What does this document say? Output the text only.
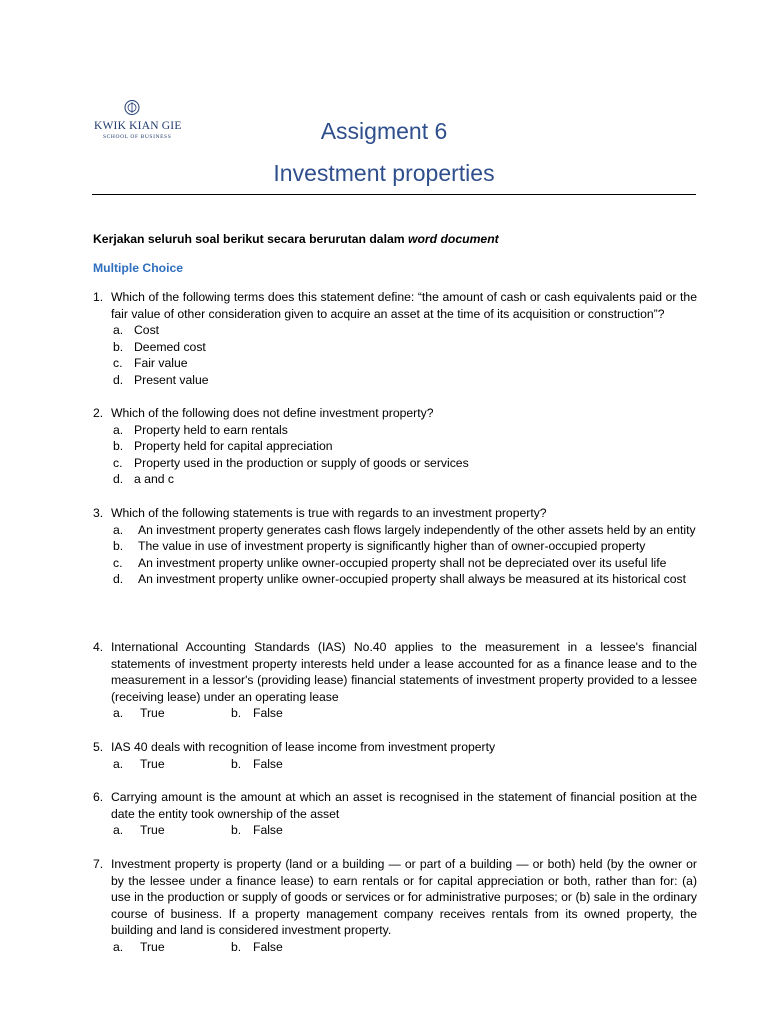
KWIK KIAN GIE
SCHOOL OF BUSINESS	Assigment 6
Investment properties
Kerjakan seluruh soal berikut secara berurutan dalam word document
Multiple Choice
1. Which of the following terms does this statement define: “the amount of cash or cash equivalents paid or the fair value of other consideration given to acquire an asset at the time of its acquisition or construction”?
a. Cost
b. Deemed cost
c. Fair value
d. Present value
2. Which of the following does not define investment property?
a. Property held to earn rentals
b. Property held for capital appreciation
c. Property used in the production or supply of goods or services
d. a and c
3. Which of the following statements is true with regards to an investment property?
a. An investment property generates cash flows largely independently of the other assets held by an entity
b. The value in use of investment property is significantly higher than of owner-occupied property
c. An investment property unlike owner-occupied property shall not be depreciated over its useful life
d. An investment property unlike owner-occupied property shall always be measured at its historical cost
4. International Accounting Standards (IAS) No.40 applies to the measurement in a lessee's financial statements of investment property interests held under a lease accounted for as a finance lease and to the measurement in a lessor's (providing lease) financial statements of investment property provided to a lessee (receiving lease) under an operating lease
a. True	b. False
5. IAS 40 deals with recognition of lease income from investment property
a. True	b. False
6. Carrying amount is the amount at which an asset is recognised in the statement of financial position at the date the entity took ownership of the asset
a. True	b. False
7. Investment property is property (land or a building — or part of a building — or both) held (by the owner or by the lessee under a finance lease) to earn rentals or for capital appreciation or both, rather than for: (a) use in the production or supply of goods or services or for administrative purposes; or (b) sale in the ordinary course of business. If a property management company receives rentals from its owned property, the building and land is considered investment property.
a. True	b. False
